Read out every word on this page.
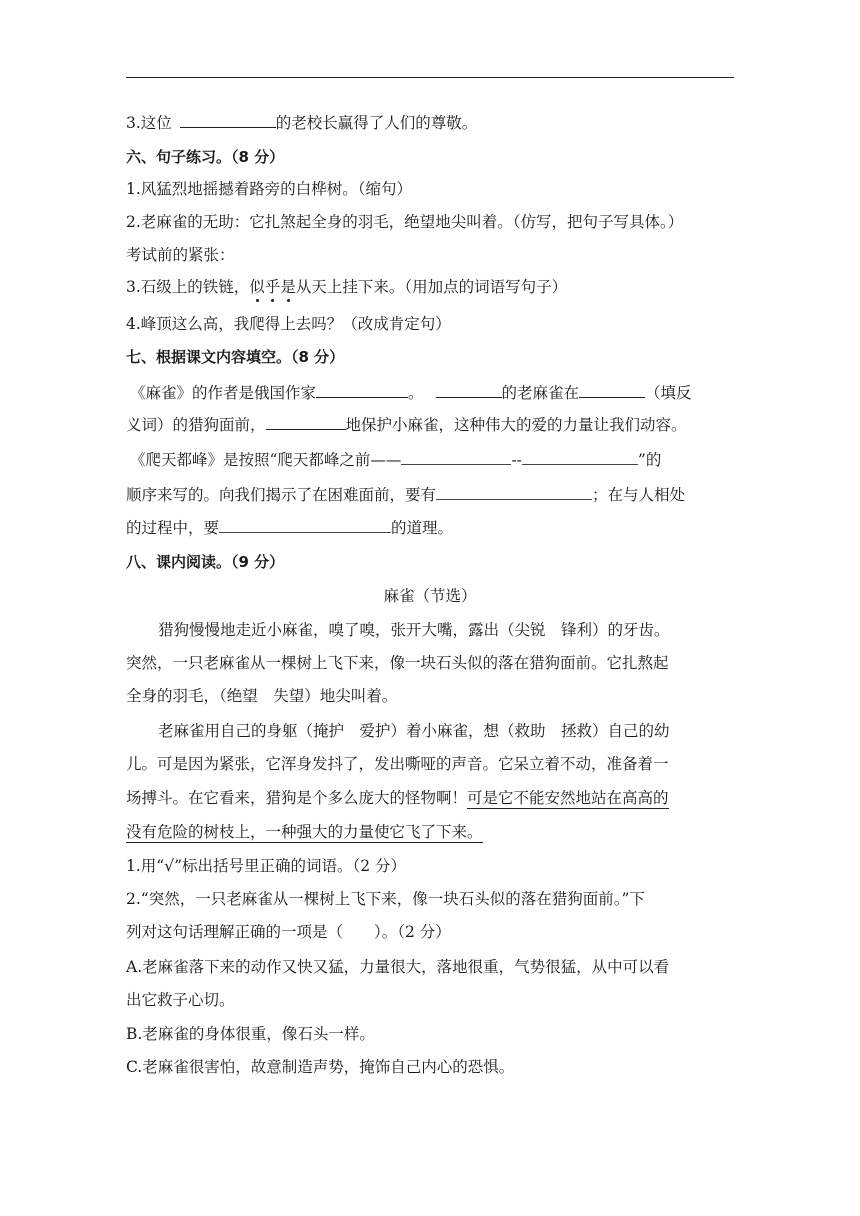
3.这位	的老校长赢得了人们的尊敬。
六、句子练习。（8 分）
1.风猛烈地摇撼着路旁的白桦树。（缩句）
2.老麻雀的无助：它扎煞起全身的羽毛，绝望地尖叫着。（仿写，把句子写具体。）
考试前的紧张：
3.石级上的铁链，似乎是从天上挂下来。（用加点的词语写句子）
4.峰顶这么高，我爬得上去吗？（改成肯定句）
七、根据课文内容填空。（8 分）
《麻雀》的作者是俄国作家	。	的老麻雀在	（填反
义词）的猎狗面前，	地保护小麻雀，这种伟大的爱的力量让我们动容。
《爬天都峰》是按照“爬天都峰之前——	--	”的
顺序来写的。向我们揭示了在困难面前，要有	；在与人相处
的过程中，要	的道理。
八、课内阅读。（9 分）
麻雀（节选）
猎狗慢慢地走近小麻雀，嗅了嗅，张开大嘴，露出（尖锐　锋利）的牙齿。
突然，一只老麻雀从一棵树上飞下来，像一块石头似的落在猎狗面前。它扎熬起
全身的羽毛，（绝望　失望）地尖叫着。
老麻雀用自己的身躯（掩护　爱护）着小麻雀，想（救助　拯救）自己的幼
儿。可是因为紧张，它浑身发抖了，发出嘶哑的声音。它呆立着不动，准备着一
场搏斗。在它看来，猎狗是个多么庞大的怪物啊！可是它不能安然地站在高高的
没有危险的树枝上，一种强大的力量使它飞了下来。
1.用“√”标出括号里正确的词语。（2 分）
2.“突然，一只老麻雀从一棵树上飞下来，像一块石头似的落在猎狗面前。”下
列对这句话理解正确的一项是（　　）。（2 分）
A.老麻雀落下来的动作又快又猛，力量很大，落地很重，气势很猛，从中可以看
出它救子心切。
B.老麻雀的身体很重，像石头一样。
C.老麻雀很害怕，故意制造声势，掩饰自己内心的恐惧。
